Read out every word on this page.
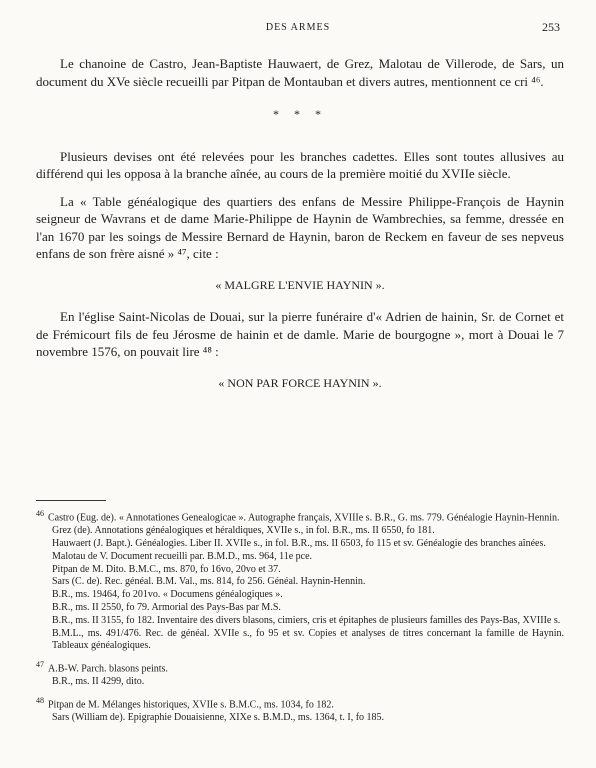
DES ARMES	253

Le chanoine de Castro, Jean-Baptiste Hauwaert, de Grez, Malotau de Villerode, de Sars, un document du XVe siècle recueilli par Pitpan de Montauban et divers autres, mentionnent ce cri ⁴⁶.

* * *

Plusieurs devises ont été relevées pour les branches cadettes. Elles sont toutes allusives au différend qui les opposa à la branche aînée, au cours de la première moitié du XVIIe siècle.

La « Table généalogique des quartiers des enfans de Messire Philippe-François de Haynin seigneur de Wavrans et de dame Marie-Philippe de Haynin de Wambrechies, sa femme, dressée en l'an 1670 par les soings de Messire Bernard de Haynin, baron de Reckem en faveur de ses nepveus enfans de son frère aisné » ⁴⁷, cite :

« MALGRE L'ENVIE HAYNIN ».

En l'église Saint-Nicolas de Douai, sur la pierre funéraire d'« Adrien de hainin, Sr. de Cornet et de Frémicourt fils de feu Jérosme de hainin et de damle. Marie de bourgogne », mort à Douai le 7 novembre 1576, on pouvait lire ⁴⁸ :

« NON PAR FORCE HAYNIN ».

$^{46}$ Castro (Eug. de). « Annotationes Genealogicae ». Autographe français, XVIIIe s. B.R., G. ms. 779. Généalogie Haynin-Hennin.

Grez (de). Annotations généalogiques et héraldiques, XVIIe s., in fol. B.R., ms. II 6550, fo 181.

Hauwaert (J. Bapt.). Généalogies. Liber II. XVIIe s., in fol. B.R., ms. II 6503, fo 115 et sv. Généalogie des branches aînées.

Malotau de V. Document recueilli par. B.M.D., ms. 964, 11e pce.

Pitpan de M. Dito. B.M.C., ms. 870, fo 16vo, 20vo et 37.

Sars (C. de). Rec. généal. B.M. Val., ms. 814, fo 256. Généal. Haynin-Hennin.

B.R., ms. 19464, fo 201vo. « Documens généalogiques ».

B.R., ms. II 2550, fo 79. Armorial des Pays-Bas par M.S.

B.R., ms. II 3155, fo 182. Inventaire des divers blasons, cimiers, cris et épitaphes de plusieurs familles des Pays-Bas, XVIIIe s.

B.M.L., ms. 491/476. Rec. de généal. XVIIe s., fo 95 et sv. Copies et analyses de titres concernant la famille de Haynin. Tableaux généalogiques.

$^{47}$ A.B-W. Parch. blasons peints.

B.R., ms. II 4299, dito.

$^{48}$ Pitpan de M. Mélanges historiques, XVIIe s. B.M.C., ms. 1034, fo 182.

Sars (William de). Epigraphie Douaisienne, XIXe s. B.M.D., ms. 1364, t. I, fo 185.
